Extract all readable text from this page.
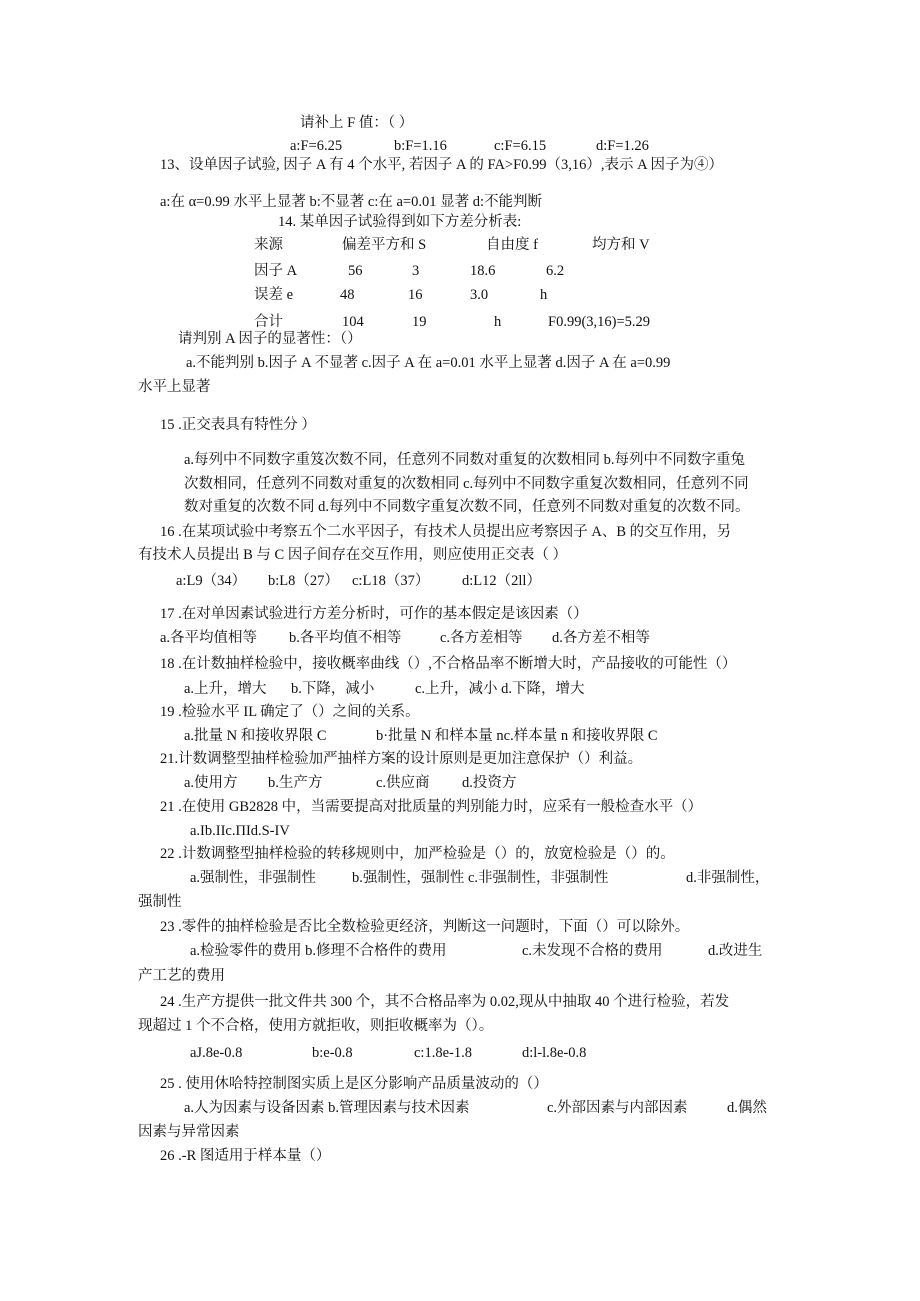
请补上 F 值：（ ）
a:F=6.25	b:F=1.16	c:F=6.15	d:F=1.26
13、设单因子试验, 因子 A 有 4 个水平, 若因子 A 的 FA>F0.99（3,16）,表示 A 因子为④）
a:在 α=0.99 水平上显著 b:不显著 c:在 a=0.01 显著 d:不能判断
14. 某单因子试验得到如下方差分析表:
来源	偏差平方和 S	自由度 f	均方和 V
因子 A	56	3	18.6	6.2
误差 e	48	16	3.0	h
合计	104	19	h	F0.99(3,16)=5.29
请判别 A 因子的显著性：（）
a.不能判别 b.因子 A 不显著 c.因子 A 在 a=0.01 水平上显著 d.因子 A 在 a=0.99
水平上显著
15 .正交表具有特性分 ）
a.每列中不同数字重笈次数不同，任意列不同数对重复的次数相同 b.每列中不同数字重兔
次数相同，任意列不同数对重复的次数相同 c.每列中不同数字重复次数相同，任意列不同
数对重复的次数不同 d.每列中不同数字重复次数不同，任意列不同数对重复的次数不同。
16 .在某项试验中考察五个二水平因子，有技术人员提出应考察因子 A、B 的交互作用，另
有技术人员提出 B 与 C 因子间存在交互作用，则应使用正交表（ ）
a:L9（34） b:L8（27） c:L18（37） d:L12（2ll）
17 .在对单因素试验进行方差分析时，可作的基本假定是该因素（）
a.各平均值相等 b.各平均值不相等	c.各方差相等 d.各方差不相等
18 .在计数抽样检验中，接收概率曲线（）,不合格品率不断增大时，产品接收的可能性（）
a.上升，增大 b.下降，减小	c.上升，减小 d.下降，增大
19 .检验水平 IL 确定了（）之间的关系。
a.批量 N 和接收界限 C	b·批量 N 和样本量 nc.样本量 n 和接收界限 C
21.计数调整型抽样检验加严抽样方案的设计原则是更加注意保护（）利益。
a.使用方 b.生产方	c.供应商 d.投资方
21 .在使用 GB2828 中，当需要提高对批质量的判别能力时，应采有一般检查水平（）
a.Ib.IIc.ΠId.S-IV
22 .计数调整型抽样检验的转移规则中，加严检验是（）的，放宽检验是（）的。
a.强制性，非强制性 b.强制性，强制性 c.非强制性，非强制性	d.非强制性，
强制性
23 .零件的抽样检验是否比全数检验更经济，判断这一问题时，下面（）可以除外。
a.检验零件的费用 b.修理不合格件的费用	c.未发现不合格的费用	d.改进生
产工艺的费用
24 .生产方提供一批文件共 300 个，其不合格品率为 0.02,现从中抽取 40 个进行检验，若发
现超过 1 个不合格，使用方就拒收，则拒收概率为（）。
aJ.8e-0.8	b:e-0.8	c:1.8e-1.8	d:l-l.8e-0.8
25 . 使用休哈特控制图实质上是区分影响产品质量波动的（）
a.人为因素与设备因素 b.管理因素与技术因素	c.外部因素与内部因素	d.偶然
因素与异常因素
26 .-R 图适用于样本量（）
